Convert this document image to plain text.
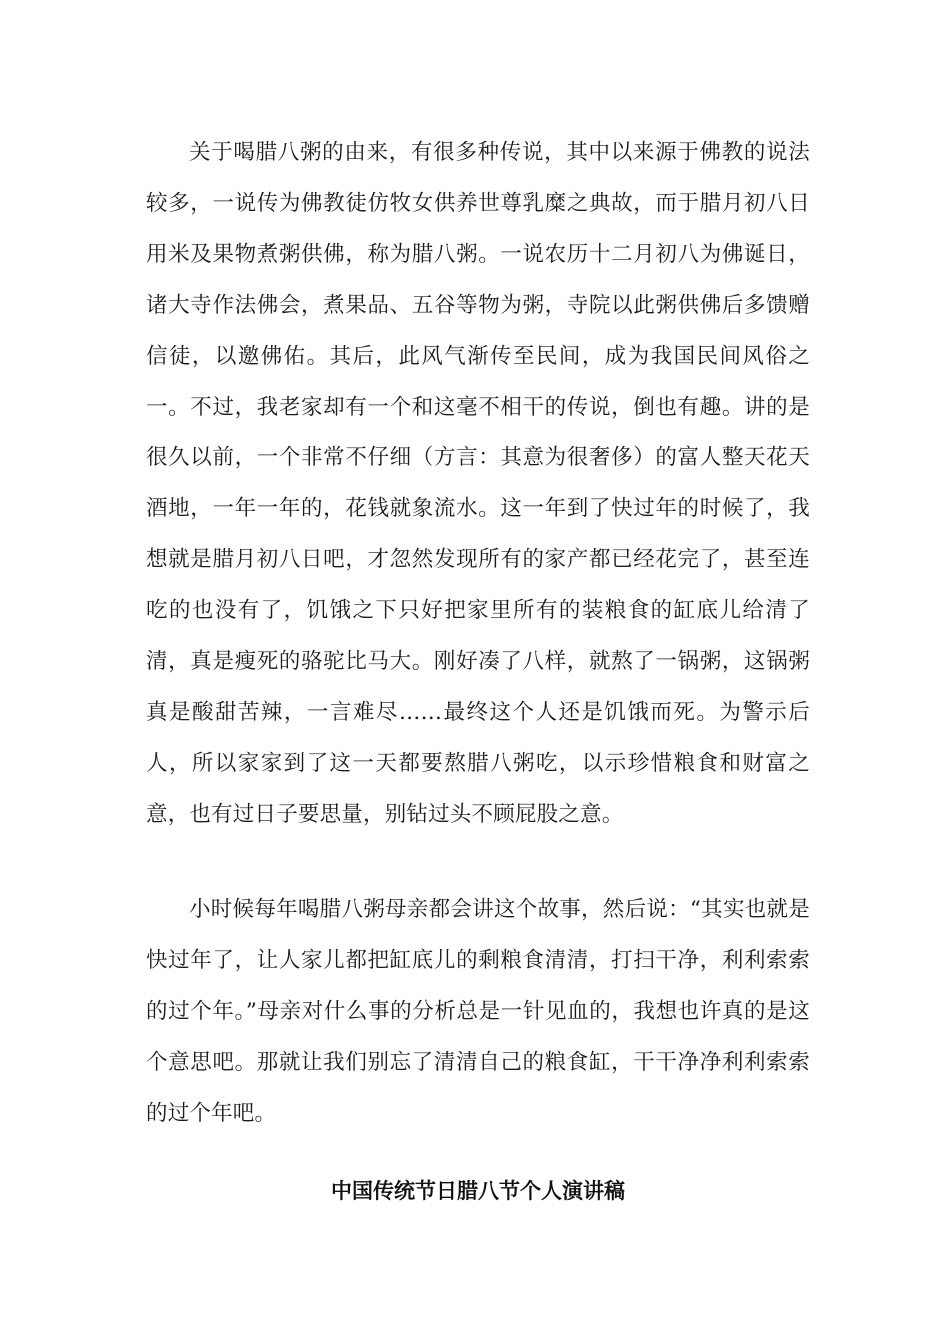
关于喝腊八粥的由来，有很多种传说，其中以来源于佛教的说法较多，一说传为佛教徒仿牧女供养世尊乳糜之典故，而于腊月初八日用米及果物煮粥供佛，称为腊八粥。一说农历十二月初八为佛诞日，诸大寺作法佛会，煮果品、五谷等物为粥，寺院以此粥供佛后多馈赠信徒，以邀佛佑。其后，此风气渐传至民间，成为我国民间风俗之一。不过，我老家却有一个和这毫不相干的传说，倒也有趣。讲的是很久以前，一个非常不仔细（方言：其意为很奢侈）的富人整天花天酒地，一年一年的，花钱就象流水。这一年到了快过年的时候了，我想就是腊月初八日吧，才忽然发现所有的家产都已经花完了，甚至连吃的也没有了，饥饿之下只好把家里所有的装粮食的缸底儿给清了清，真是瘦死的骆驼比马大。刚好凑了八样，就熬了一锅粥，这锅粥真是酸甜苦辣，一言难尽……最终这个人还是饥饿而死。为警示后人，所以家家到了这一天都要熬腊八粥吃，以示珍惜粮食和财富之意，也有过日子要思量，别钻过头不顾屁股之意。

小时候每年喝腊八粥母亲都会讲这个故事，然后说：“其实也就是快过年了，让人家儿都把缸底儿的剩粮食清清，打扫干净，利利索索的过个年。”母亲对什么事的分析总是一针见血的，我想也许真的是这个意思吧。那就让我们别忘了清清自己的粮食缸，干干净净利利索索的过个年吧。

中国传统节日腊八节个人演讲稿
